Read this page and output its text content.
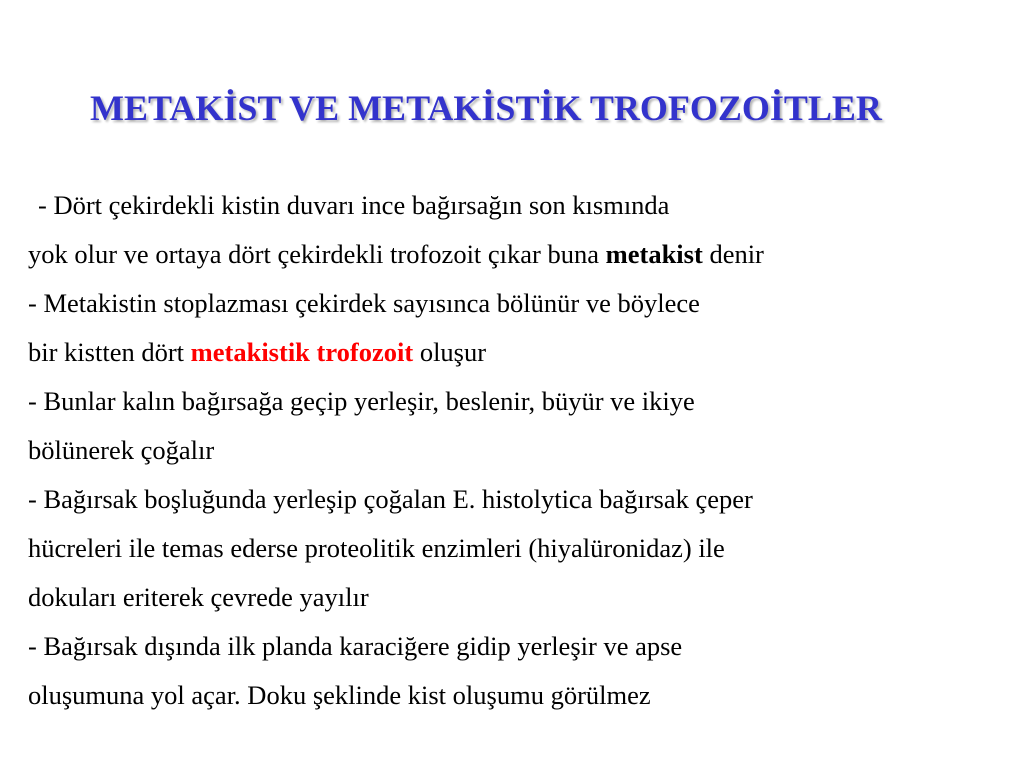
METAKİST VE METAKİSTİK TROFOZOİTLER
- Dört çekirdekli kistin duvarı ince bağırsağın son kısmında
yok olur ve ortaya dört çekirdekli trofozoit çıkar buna metakist denir
- Metakistin stoplazması çekirdek sayısınca bölünür ve böylece
bir kistten dört metakistik trofozoit oluşur
- Bunlar kalın bağırsağa geçip yerleşir, beslenir, büyür ve ikiye
bölünerek çoğalır
- Bağırsak boşluğunda yerleşip çoğalan E. histolytica bağırsak çeper
hücreleri ile temas ederse proteolitik enzimleri (hiyalüronidaz) ile
dokuları eriterek çevrede yayılır
- Bağırsak dışında ilk planda karaciğere gidip yerleşir ve apse
oluşumuna yol açar. Doku şeklinde kist oluşumu görülmez
